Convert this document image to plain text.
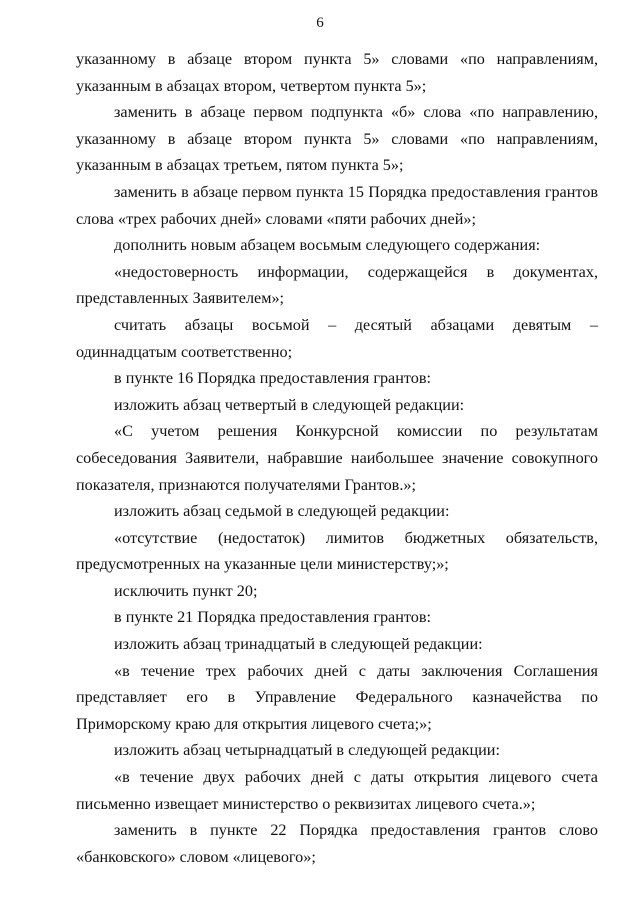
6

указанному в абзаце втором пункта 5» словами «по направлениям, указанным в абзацах втором, четвертом пункта 5»;

заменить в абзаце первом подпункта «б» слова «по направлению, указанному в абзаце втором пункта 5» словами «по направлениям, указанным в абзацах третьем, пятом пункта 5»;

заменить в абзаце первом пункта 15 Порядка предоставления грантов слова «трех рабочих дней» словами «пяти рабочих дней»;

дополнить новым абзацем восьмым следующего содержания:

«недостоверность информации, содержащейся в документах, представленных Заявителем»;

считать абзацы восьмой – десятый абзацами девятым – одиннадцатым соответственно;

в пункте 16 Порядка предоставления грантов:

изложить абзац четвертый в следующей редакции:

«С учетом решения Конкурсной комиссии по результатам собеседования Заявители, набравшие наибольшее значение совокупного показателя, признаются получателями Грантов.»;

изложить абзац седьмой в следующей редакции:

«отсутствие (недостаток) лимитов бюджетных обязательств, предусмотренных на указанные цели министерству;»;

исключить пункт 20;

в пункте 21 Порядка предоставления грантов:

изложить абзац тринадцатый в следующей редакции:

«в течение трех рабочих дней с даты заключения Соглашения представляет его в Управление Федерального казначейства по Приморскому краю для открытия лицевого счета;»;

изложить абзац четырнадцатый в следующей редакции:

«в течение двух рабочих дней с даты открытия лицевого счета письменно извещает министерство о реквизитах лицевого счета.»;

заменить в пункте 22 Порядка предоставления грантов слово «банковского» словом «лицевого»;
